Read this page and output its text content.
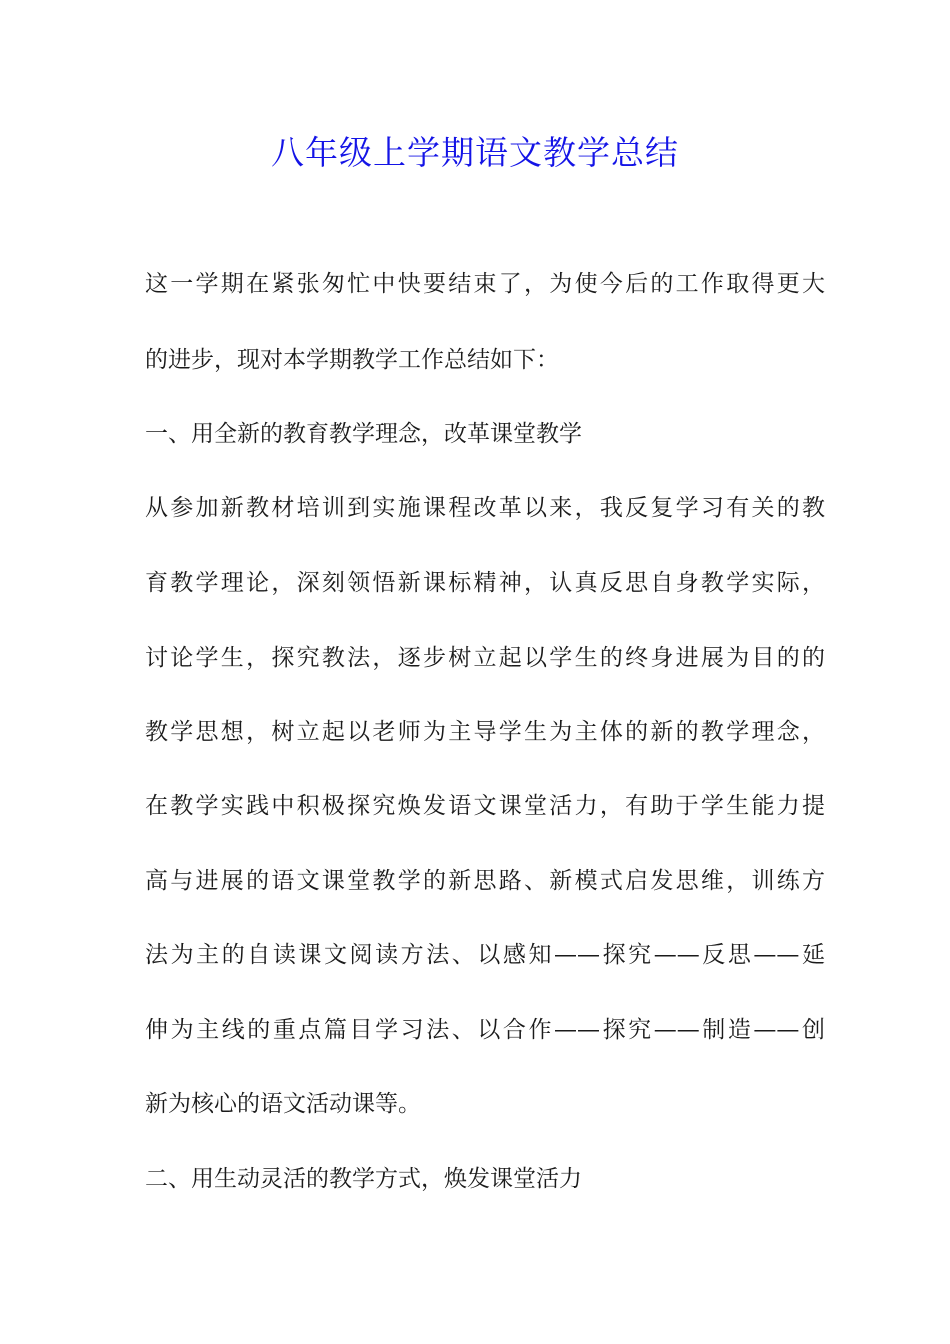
八年级上学期语文教学总结
这一学期在紧张匆忙中快要结束了，为使今后的工作取得更大
的进步，现对本学期教学工作总结如下：
一、用全新的教育教学理念，改革课堂教学
从参加新教材培训到实施课程改革以来，我反复学习有关的教
育教学理论，深刻领悟新课标精神，认真反思自身教学实际，
讨论学生，探究教法，逐步树立起以学生的终身进展为目的的
教学思想，树立起以老师为主导学生为主体的新的教学理念，
在教学实践中积极探究焕发语文课堂活力，有助于学生能力提
高与进展的语文课堂教学的新思路、新模式启发思维，训练方
法为主的自读课文阅读方法、以感知——探究——反思——延
伸为主线的重点篇目学习法、以合作——探究——制造——创
新为核心的语文活动课等。
二、用生动灵活的教学方式，焕发课堂活力
